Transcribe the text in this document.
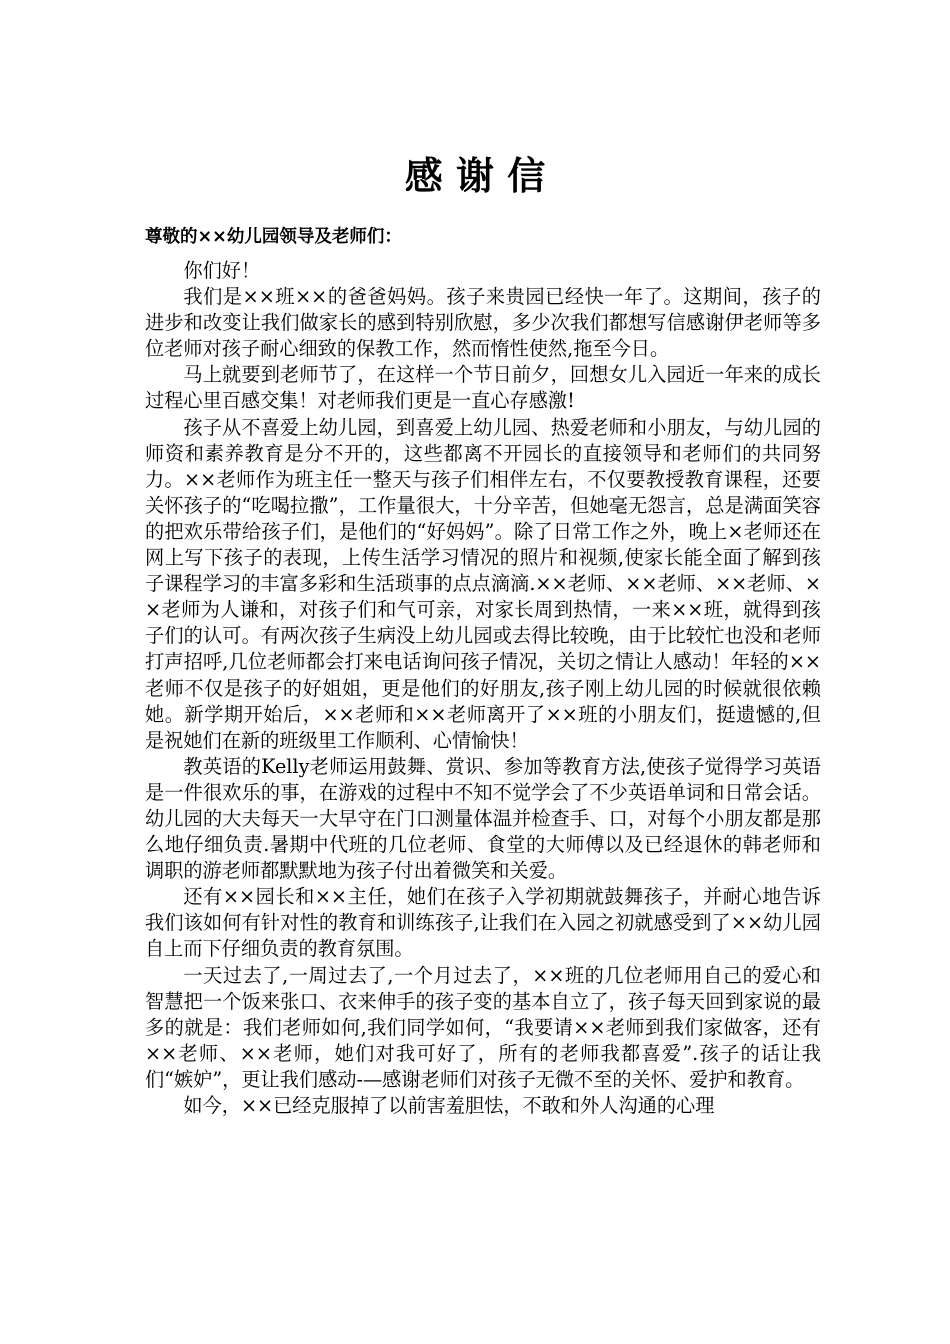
感 谢 信

尊敬的××幼儿园领导及老师们：

你们好！

我们是××班××的爸爸妈妈。孩子来贵园已经快一年了。这期间，孩子的进步和改变让我们做家长的感到特别欣慰，多少次我们都想写信感谢伊老师等多位老师对孩子耐心细致的保教工作，然而惰性使然,拖至今日。

马上就要到老师节了，在这样一个节日前夕，回想女儿入园近一年来的成长过程心里百感交集！对老师我们更是一直心存感激!

孩子从不喜爱上幼儿园，到喜爱上幼儿园、热爱老师和小朋友，与幼儿园的师资和素养教育是分不开的，这些都离不开园长的直接领导和老师们的共同努力。××老师作为班主任一整天与孩子们相伴左右，不仅要教授教育课程，还要关怀孩子的“吃喝拉撒”，工作量很大，十分辛苦，但她毫无怨言，总是满面笑容的把欢乐带给孩子们，是他们的“好妈妈”。除了日常工作之外，晚上×老师还在网上写下孩子的表现，上传生活学习情况的照片和视频,使家长能全面了解到孩子课程学习的丰富多彩和生活琐事的点点滴滴.××老师、××老师、××老师、××老师为人谦和，对孩子们和气可亲，对家长周到热情，一来××班，就得到孩子们的认可。有两次孩子生病没上幼儿园或去得比较晚，由于比较忙也没和老师打声招呼,几位老师都会打来电话询问孩子情况，关切之情让人感动！年轻的××老师不仅是孩子的好姐姐，更是他们的好朋友,孩子刚上幼儿园的时候就很依赖她。新学期开始后，××老师和××老师离开了××班的小朋友们，挺遗憾的,但是祝她们在新的班级里工作顺利、心情愉快！

教英语的Kelly老师运用鼓舞、赏识、参加等教育方法,使孩子觉得学习英语是一件很欢乐的事，在游戏的过程中不知不觉学会了不少英语单词和日常会话。幼儿园的大夫每天一大早守在门口测量体温并检查手、口，对每个小朋友都是那么地仔细负责.暑期中代班的几位老师、食堂的大师傅以及已经退休的韩老师和调职的游老师都默默地为孩子付出着微笑和关爱。

还有××园长和××主任，她们在孩子入学初期就鼓舞孩子，并耐心地告诉我们该如何有针对性的教育和训练孩子,让我们在入园之初就感受到了××幼儿园自上而下仔细负责的教育氛围。

一天过去了,一周过去了,一个月过去了，××班的几位老师用自己的爱心和智慧把一个饭来张口、衣来伸手的孩子变的基本自立了，孩子每天回到家说的最多的就是：我们老师如何,我们同学如何，“我要请××老师到我们家做客，还有××老师、××老师，她们对我可好了，所有的老师我都喜爱”.孩子的话让我们“嫉妒”，更让我们感动-—感谢老师们对孩子无微不至的关怀、爱护和教育。

如今，××已经克服掉了以前害羞胆怯，不敢和外人沟通的心理
